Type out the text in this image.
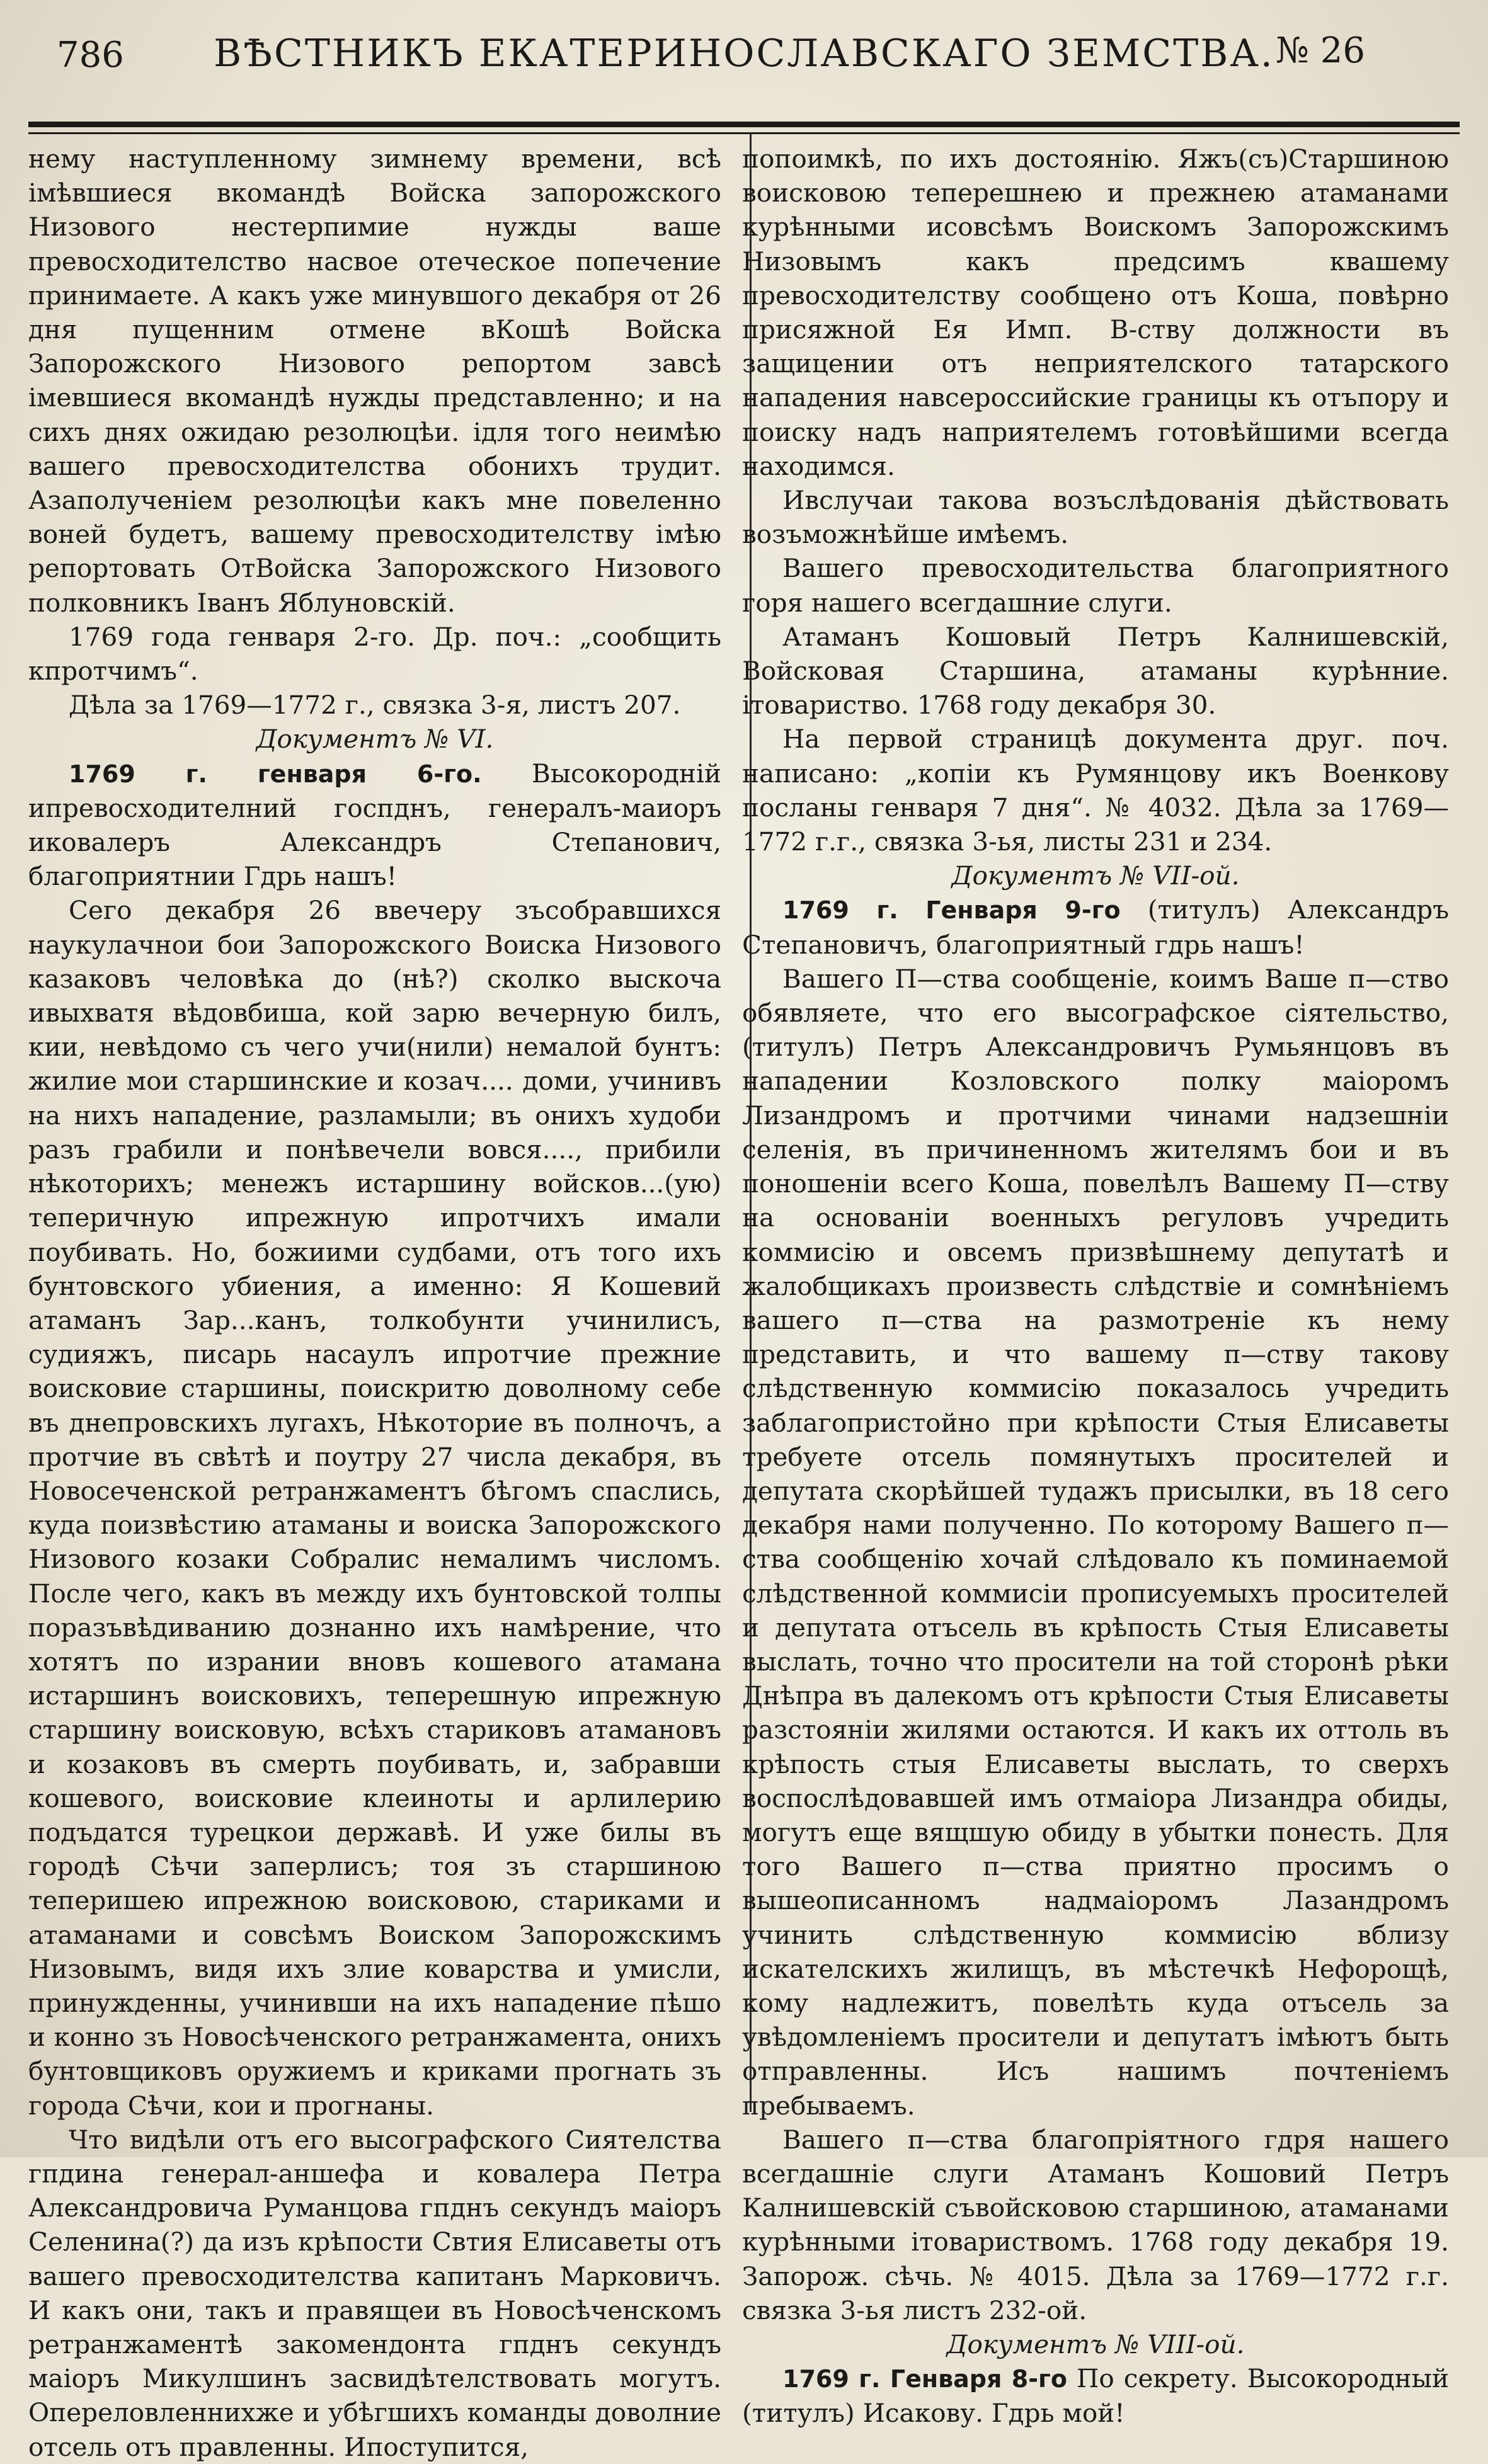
786	ВѢСТНИКЪ ЕКАТЕРИНОСЛАВСКАГО ЗЕМСТВА. № 26

нему наступленному зимнему времени, всѣ імѣвшиеся вкомандѣ Войска запорожского Низового нестерпимие нужды ваше превосходителство насвое отеческое попечение принимаете. А какъ уже минувшого декабря от 26 дня пущенним отмене вКошѣ Войска Запорожского Низового репортом завсѣ імевшиеся вкомандѣ нужды представленно; и на сихъ днях ожидаю резолюцѣи. ідля того неимѣю вашего превосходителства обониxъ трудит. Азаполученіем резолюцѣи какъ мне повеленно воней будетъ, вашему превосходителству імѣю репортовать ОтВойска Запорожского Низового полковникъ Іванъ Яблуновскій.

1769 года генваря 2-го. Др. поч.: „сообщить кпротчимъ“.

Дѣла за 1769—1772 г., связка 3-я, листъ 207.

Документъ № VI.

1769 г. генваря 6-го. Высокороднiй ипревосходителний госпднъ, генералъ-маиоръ иковалеръ Александръ Степанович, благоприятнии Гдрь нашъ!

Сего декабря 26 ввечеру зъсобравшихся наукулачнои бои Запорожского Воиска Низового казаковъ человѣка до (нѣ?) сколко выскоча ивыхватя вѣдовбиша, кой зарю вечерную билъ, кии, невѣдомо съ чего учи(нили) немалой бунтъ: жилие мои старшинские и козач.... доми, учинивъ на нихъ нападение, разламыли; въ онихъ худоби разъ грабили и понѣвечели вовся...., прибили нѣкоторихъ; менежъ истаршину войсков...(ую) теперичную ипрежную ипротчихъ имали поубивать. Но, божиими судбами, отъ того ихъ бунтовского убиения, а именно: Я Кошевий атаманъ Зар...канъ, толкобунти учинилисъ, судияжъ, писарь насаулъ ипротчие прежние воисковие старшины, поискритю доволному себе въ днепровскихъ лугахъ, Нѣкоторие въ полночъ, а протчие въ свѣтѣ и поутру 27 числа декабря, въ Новосеченской ретранжаментъ бѣгомъ спаслись, куда поизвѣстию атаманы и воиска Запорожского Низового козаки Собралис немалимъ числомъ. После чего, какъ въ между ихъ бунтовской толпы поразъвѣдиванию дознанно ихъ намѣрение, что хотятъ по изрании вновъ кошевого атамана истаршинъ воисковихъ, теперешную ипрежную старшину воисковую, всѣхъ стариковъ атамановъ и козаковъ въ смерть поубивать, и, забравши кошевого, воисковие клеинoты и арлилерию подъдатся турецкои державѣ. И уже билы въ городѣ Сѣчи заперлисъ; тоя зъ старшиною теперишею ипрежною воисковою, стариками и атаманами и совсѣмъ Воиском Запорожскимъ Низовымъ, видя ихъ злие коварства и умисли, принужденны, учинивши на ихъ нападение пѣшо и конно зъ Новосѣченского ретранжамента, онихъ бунтовщиковъ оружиемъ и криками прогнать зъ города Сѣчи, кои и прогнаны.

Что видѣли отъ его высографского Сиятелства гпдина генерал-аншефа и ковалера Петра Александровича Руманцова гпднъ секундъ маіоръ Селенина(?) да изъ крѣпости Свтия Елисаветы отъ вашего превосходителства капитанъ Марковичъ. И какъ они, такъ и правящеи въ Новосѣченскомъ ретранжаментѣ закомендонта гпднъ секундъ маіоръ Микулшинъ засвидѣтелствовать могутъ. Опереловленнихже и убѣгшихъ команды доволние отсель отъ правленны. Ипоступится,

попоимкѣ, по ихъ достоянію. Яжъ(съ)Старшиною воисковою теперешнею и прежнею атаманами курѣнными исовсѣмъ Воискомъ Запорожскимъ Низовымъ какъ предсимъ квашему превосходителству сообщено отъ Коша, повѣрно присяжной Ея Имп. В-ству должности въ защицении отъ неприятелского татарского нападения навсероссийские границы къ отъпору и поиску надъ наприятелемъ готовѣйшими всегда находимся.

Ивслучаи такова возъслѣдованія дѣйствовать возъможнѣйше имѣемъ.

Вашего превосходительства благоприятного горя нашего всегдашние слуги.

Атаманъ Кошовый Петръ Калнишевскій, Войсковая Старшина, атаманы курѣнние. ітовариство. 1768 году декабря 30.

На первой страницѣ документа друг. поч. написано: „копіи къ Румянцову икъ Военкову посланы генваря 7 дня“. № 4032. Дѣла за 1769—1772 г.г., связка 3-ья, листы 231 и 234.

Документъ № VII-ой.

1769 г. Генваря 9-го (титулъ) Александръ Степановичъ, благоприятный гдрь нашъ!

Вашего П—ства сообщеніе, коимъ Ваше п—ство обявляете, что его высографское сіятельство, (титулъ) Петръ Александровичъ Румьянцовъ въ нападении Козловского полку маіоромъ Лизандромъ и протчими чинами надзешніи селенія, въ причиненномъ жителямъ бои и въ поношеніи всего Коша, повелѣлъ Вашему П—ству на основаніи военныхъ регуловъ учредить коммисію и овсемъ призвѣшнему депутатѣ и жалобщикахъ произвесть слѣдствіе и сомнѣніемъ вашего п—ства на размотреніе къ нему представить, и что вашему п—ству такову слѣдственную коммисію показалось учредить заблагопристойно при крѣпости Стыя Елисаветы требуете отсель помянутыхъ просителей и депутата скорѣйшей тудажъ присылки, въ 18 сего декабря нами полученно. По которому Вашего п—ства сообщенію хочай слѣдовало къ поминаемой слѣдственной коммисіи прописуемыхъ просителей и депутата отъсель въ крѣпость Стыя Елисаветы выслать, точно что просители на той сторонѣ рѣки Днѣпра въ далекомъ отъ крѣпости Стыя Елисаветы разстояніи жилями остаются. И какъ их оттоль въ крѣпость стыя Елисаветы выслать, то сверхъ воспослѣдовавшей имъ отмаіора Лизандра обиды, могутъ еще вящшую обиду в убытки понесть. Для того Вашего п—ства приятно просимъ о вышеописанномъ надмаіоромъ Лазандромъ учинить слѣдственную коммисію вблизу искателскихъ жилищъ, въ мѣстечкѣ Нефорощѣ, кому надлежитъ, повелѣть куда отъсель за увѣдомленіемъ просители и депутатъ імѣютъ быть отправленны. Исъ нашимъ почтеніемъ пребываемъ.

Вашего п—ства благопріятного гдря нашего всегдашніе слуги Атаманъ Кошовий Петръ Калнишевскій съвойсковою старшиною, атаманами курѣнными ітовариствомъ. 1768 году декабря 19. Запорож. сѣчь. № 4015. Дѣла за 1769—1772 г.г. связка 3-ья листъ 232-ой.

Документъ № VIII-ой.

1769 г. Генваря 8-го По секрету. Высокородный (титулъ) Исакову. Гдрь мой!
